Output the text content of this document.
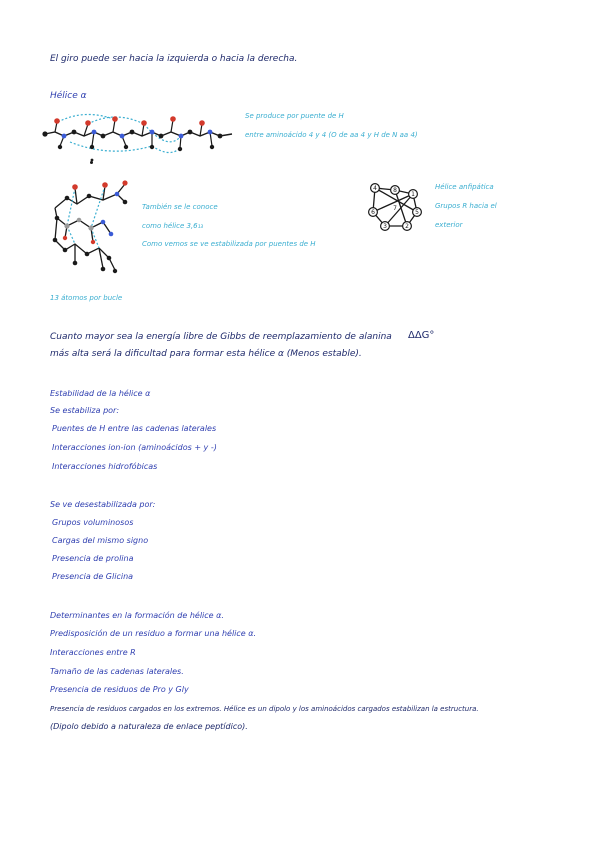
El giro puede ser hacia la izquierda o hacia la derecha.
Hélice α
Se produce por puente de H
entre aminoácido 4 y 4 (O de aa 4 y H de N aa 4)
También se le conoce
como hélice 3,6₁₃
Como vemos se ve estabilizada por puentes de H
4	8
1
5
2
3
6
7
Hélice anfipática
Grupos R hacia el
exterior
13 átomos por bucle
Cuanto mayor sea la energía libre de Gibbs de reemplazamiento de alanina ΔΔG°
más alta será la dificultad para formar esta hélice α (Menos estable).
Estabilidad de la hélice α
Se estabiliza por:
Puentes de H entre las cadenas laterales
Interacciones ion-ion (aminoácidos + y -)
Interacciones hidrofóbicas
Se ve desestabilizada por:
Grupos voluminosos
Cargas del mismo signo
Presencia de prolina
Presencia de Glicina
Determinantes en la formación de hélice α.
Predisposición de un residuo a formar una hélice α.
Interacciones entre R
Tamaño de las cadenas laterales.
Presencia de residuos de Pro y Gly
Presencia de residuos cargados en los extremos. Hélice es un dipolo y los aminoácidos cargados estabilizan la estructura.
(Dipolo debido a naturaleza de enlace peptídico).
